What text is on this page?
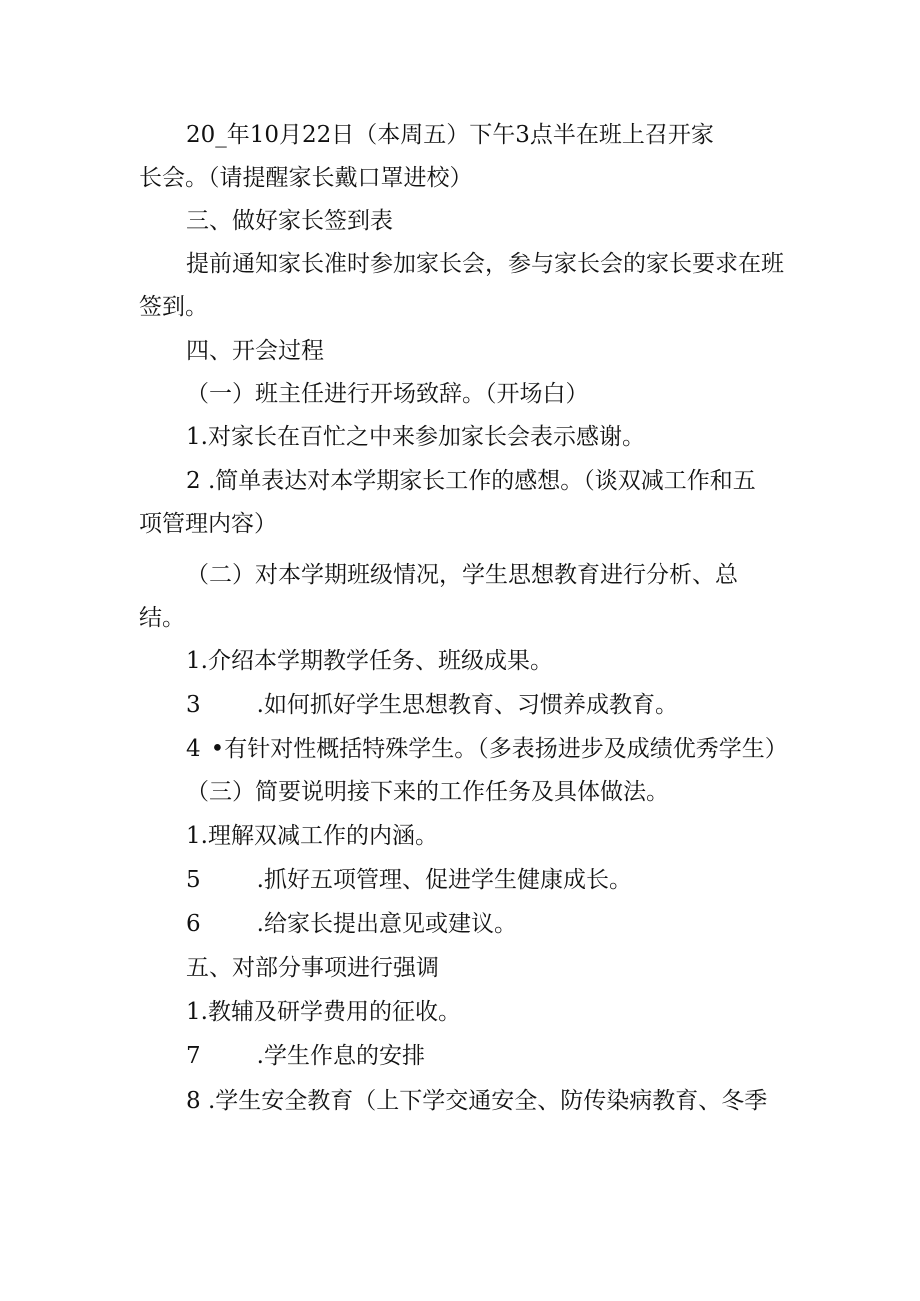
20_年10月22日（本周五）下午3点半在班上召开家
长会。（请提醒家长戴口罩进校）
三、做好家长签到表
提前通知家长准时参加家长会，参与家长会的家长要求在班
签到。
四、开会过程
（一）班主任进行开场致辞。（开场白）
1.对家长在百忙之中来参加家长会表示感谢。
2 .简单表达对本学期家长工作的感想。（谈双减工作和五
项管理内容）
（二）对本学期班级情况，学生思想教育进行分析、总
结。
1.介绍本学期教学任务、班级成果。
3 .如何抓好学生思想教育、习惯养成教育。
4 •有针对性概括特殊学生。（多表扬进步及成绩优秀学生）
（三）简要说明接下来的工作任务及具体做法。
1.理解双减工作的内涵。
5 .抓好五项管理、促进学生健康成长。
6 .给家长提出意见或建议。
五、对部分事项进行强调
1.教辅及研学费用的征收。
7 .学生作息的安排
8 .学生安全教育（上下学交通安全、防传染病教育、冬季
